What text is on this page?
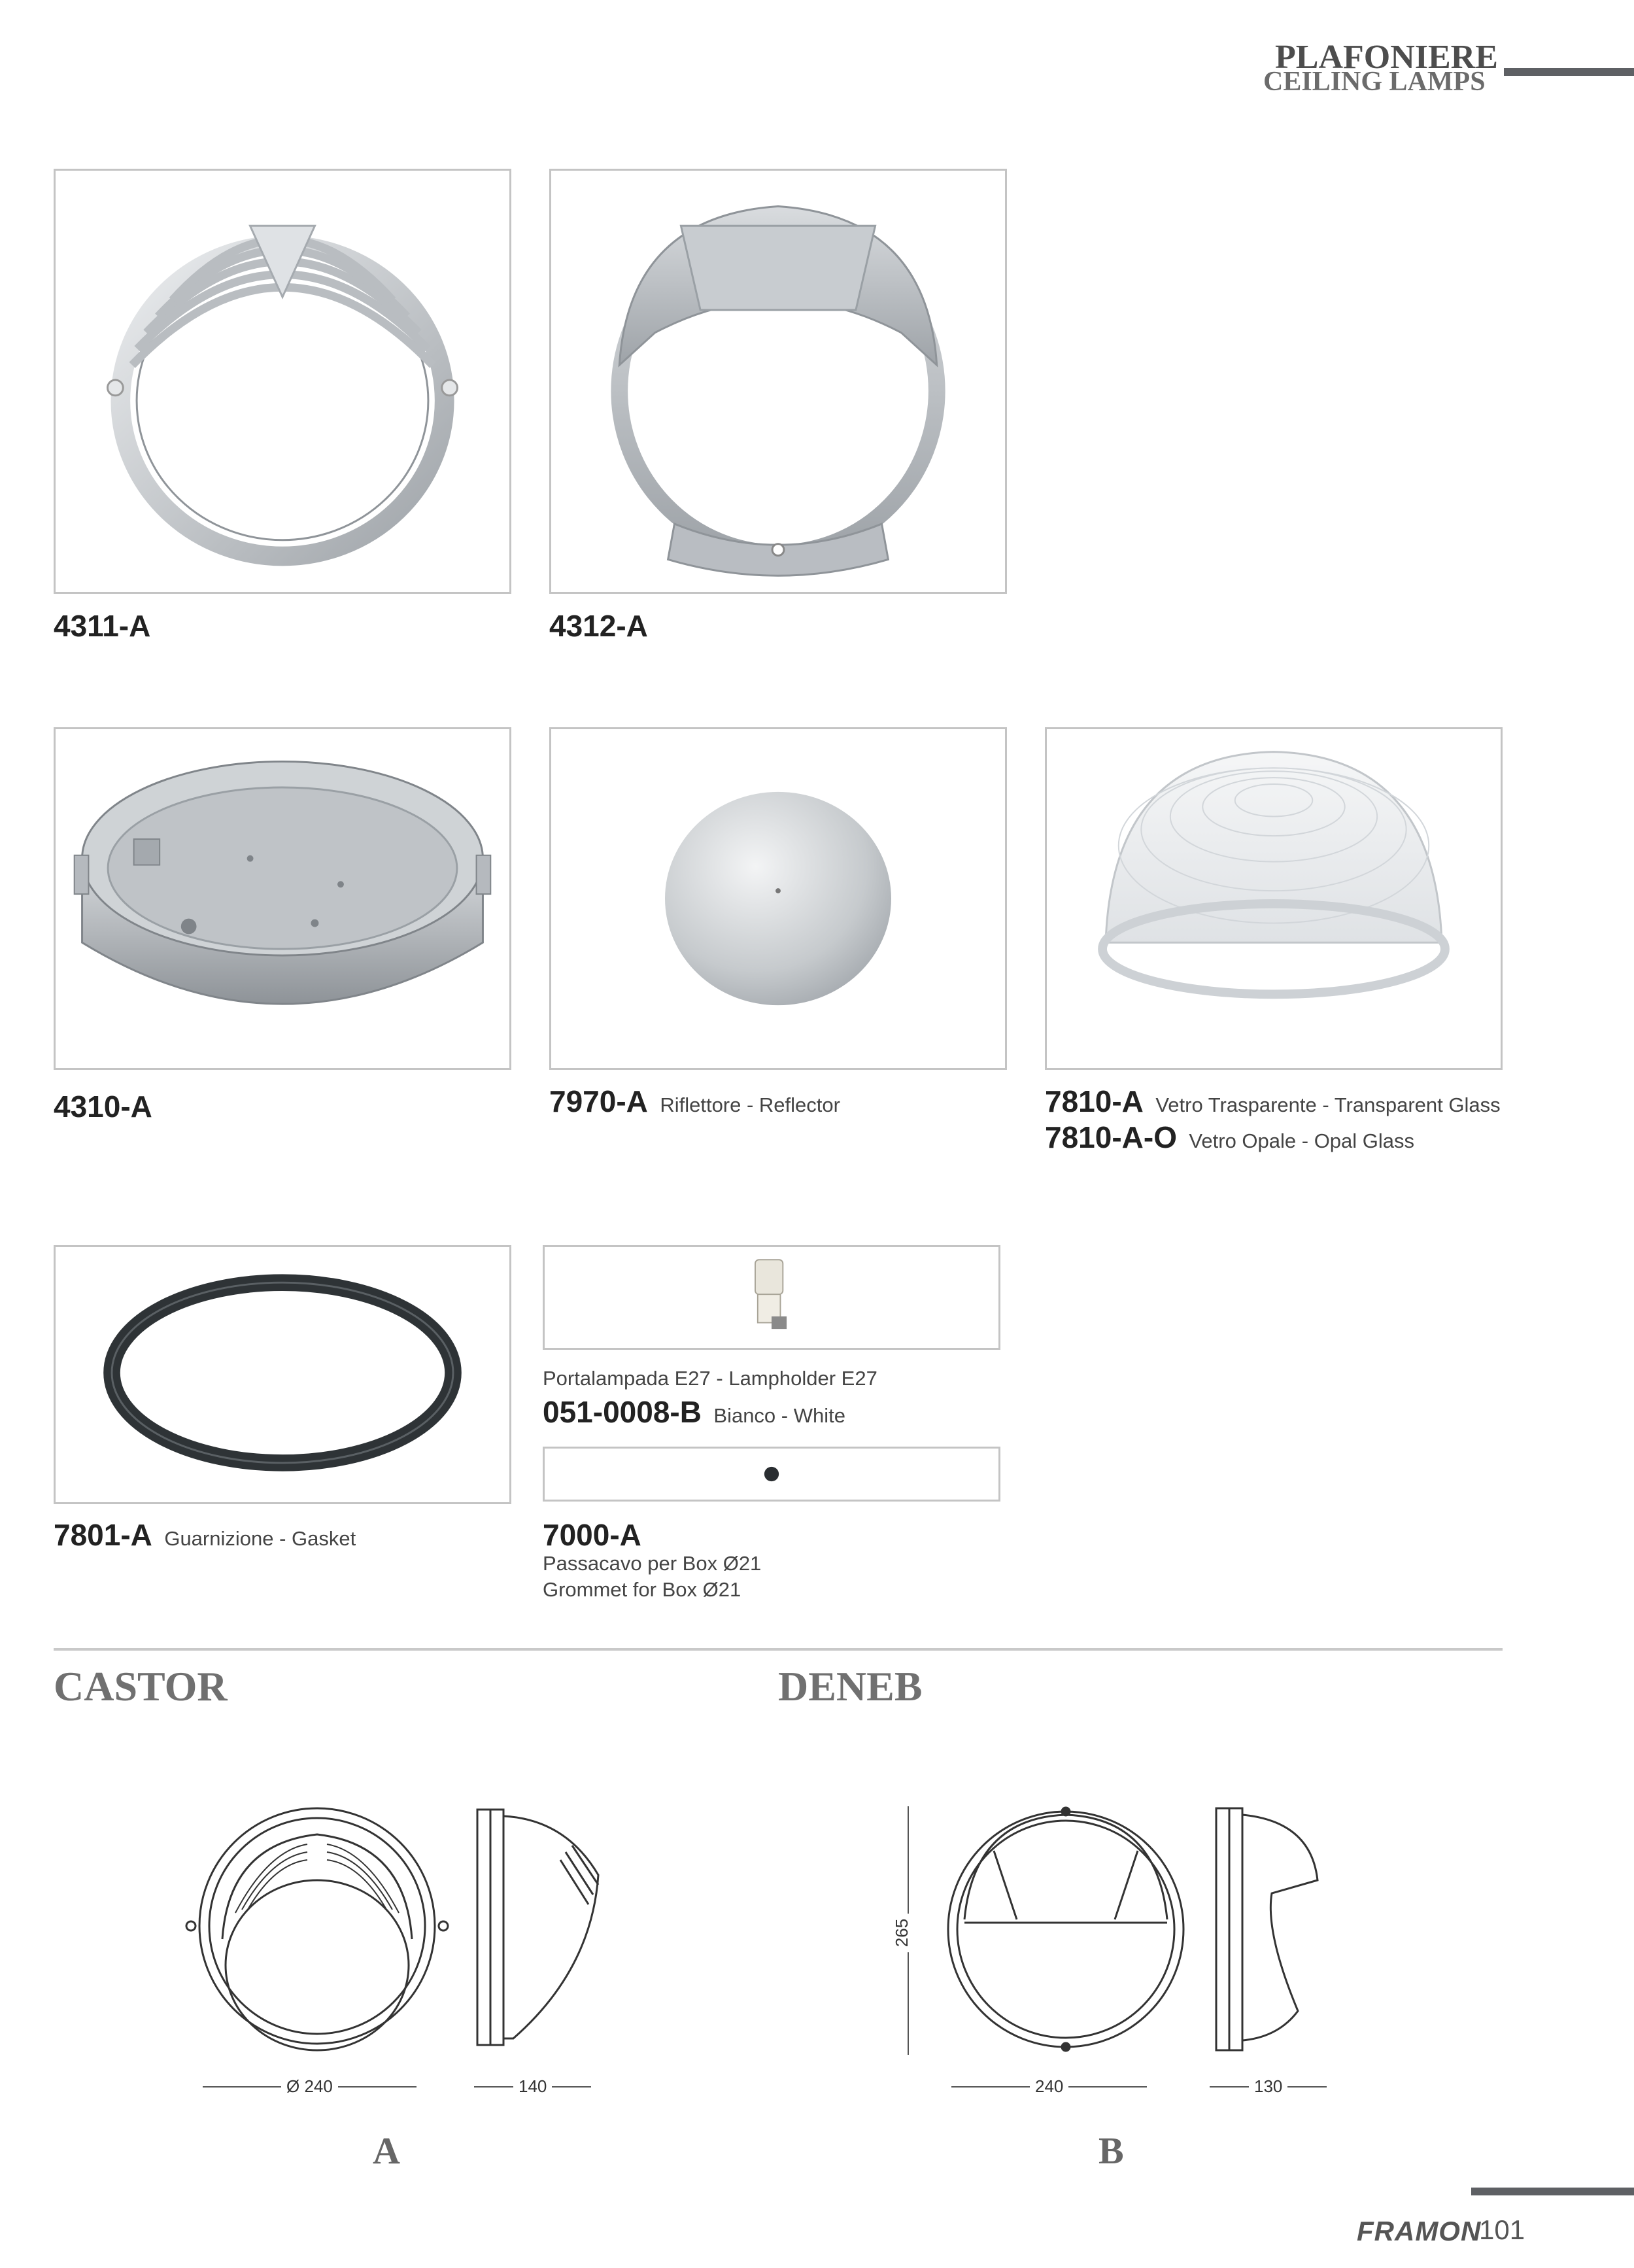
PLAFONIERE
CEILING LAMPS
4311-A	4312-A
4310-A	7970-A Riflettore - Reflector	7810-A Vetro Trasparente - Transparent Glass
7810-A-O Vetro Opale - Opal Glass
Portalampada E27 - Lampholder E27
051-0008-B Bianco - White
7801-A Guarnizione - Gasket	7000-A
Passacavo per Box Ø21
Grommet for Box Ø21
CASTOR	DENEB
Ø 240	140
A
265
240	130
B
FRAMON
101
